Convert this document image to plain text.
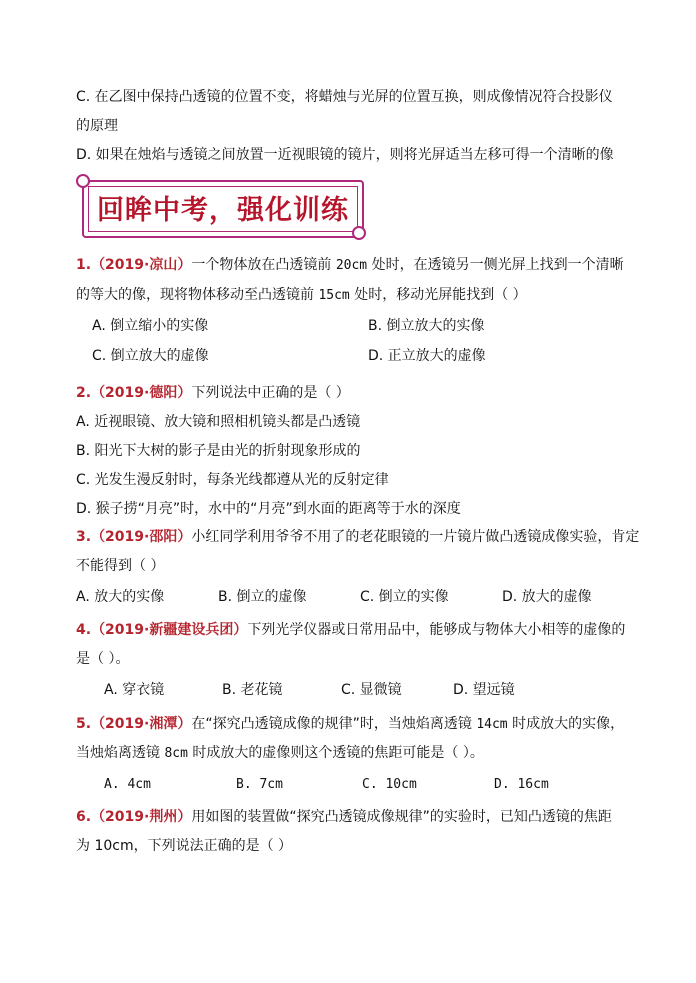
C. 在乙图中保持凸透镜的位置不变，将蜡烛与光屏的位置互换，则成像情况符合投影仪
的原理
D. 如果在烛焰与透镜之间放置一近视眼镜的镜片，则将光屏适当左移可得一个清晰的像
回眸中考，强化训练
1.（2019·凉山）一个物体放在凸透镜前 20cm 处时，在透镜另一侧光屏上找到一个清晰
的等大的像，现将物体移动至凸透镜前 15cm 处时，移动光屏能找到（ ）
A. 倒立缩小的实像	B. 倒立放大的实像
C. 倒立放大的虚像	D. 正立放大的虚像
2.（2019·德阳）下列说法中正确的是（ ）
A. 近视眼镜、放大镜和照相机镜头都是凸透镜
B. 阳光下大树的影子是由光的折射现象形成的
C. 光发生漫反射时，每条光线都遵从光的反射定律
D. 猴子捞“月亮”时，水中的“月亮”到水面的距离等于水的深度
3.（2019·邵阳）小红同学利用爷爷不用了的老花眼镜的一片镜片做凸透镜成像实验，肯定
不能得到（ ）
A. 放大的实像	B. 倒立的虚像	C. 倒立的实像	D. 放大的虚像
4.（2019·新疆建设兵团）下列光学仪器或日常用品中，能够成与物体大小相等的虚像的
是（ ）。
A. 穿衣镜	B. 老花镜	C. 显微镜	D. 望远镜
5.（2019·湘潭）在“探究凸透镜成像的规律”时，当烛焰离透镜 14cm 时成放大的实像，
当烛焰离透镜 8cm 时成放大的虚像则这个透镜的焦距可能是（ ）。
A. 4cm	B. 7cm	C. 10cm	D. 16cm
6.（2019·荆州）用如图的装置做“探究凸透镜成像规律”的实验时，已知凸透镜的焦距
为 10cm，下列说法正确的是（ ）
